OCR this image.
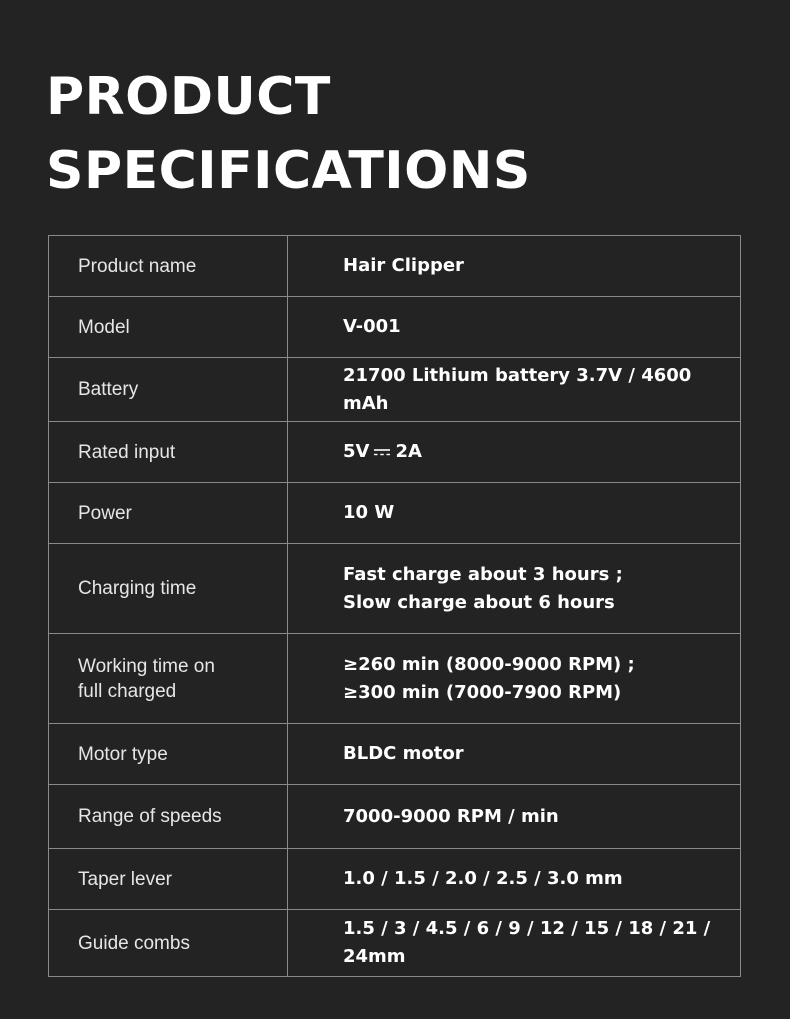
PRODUCT
SPECIFICATIONS
Product name	Hair Clipper
Model	V-001
Battery	21700 Lithium battery 3.7V / 4600 mAh
Rated input	5V 2A
Power	10 W
Charging time	Fast charge about 3 hours ;
Slow charge about 6 hours

Working time on
full charged	≥260 min (8000-9000 RPM) ;
≥300 min (7000-7900 RPM)

Motor type	BLDC motor
Range of speeds	7000-9000 RPM / min
Taper lever	1.0 / 1.5 / 2.0 / 2.5 / 3.0 mm
Guide combs	1.5 / 3 / 4.5 / 6 / 9 / 12 / 15 / 18 / 21 / 24mm
